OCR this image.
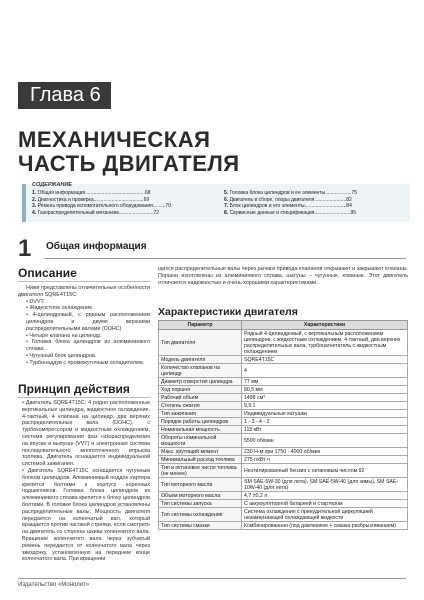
Глава 6
МЕХАНИЧЕСКАЯ
ЧАСТЬ ДВИГАТЕЛЯ
СОДЕРЖАНИЕ
1. Общая информация...........................................68
2. Диагностика и проверка....................................69
3. Ремень привода вспомогательного оборудования.........70
4. Газораспределительный механизм.........................72
5. Головка блока цилиндров и ее элементы...................75
6. Двигатель в сборе, опоры двигателя.......................82
7. Блок цилиндров и его элементы..............................84
8. Сервисные данные и спецификация..........................95
1	Общая информация
Описание

Ниже представлены отличительные особенности двигателя SQRE4T15C:

• DVVT.

• Жидкостное охлаждение.

• 4-цилиндровый, с рядным расположением цилиндров и двумя верхними распределительными валами (DOHC)

• Четыре клапана на цилиндр.

• Головка блока цилиндров из алюминиевого сплава.

• Чугунный блок цилиндров.

• Турбонаддув с промежуточным охладителем.

Принцип действия

• Двигатель SQRE4T15C: 4 рядно расположенные вертикальные цилиндра, жидкостное охлаждение, 4-тактный, 4 клапана на цилиндр, два верхних распределительных вала (DOHC), с турбокомпрессором и жидкостным охлаждением, система регулирования фаз газораспределения на впуске и выпуске (VVT) и электронная система последовательного многоточечного впрыска топлива. Двигатель оснащается индивидуальной системой зажигания.

• Двигатель SQRE4T15C оснащается чугунным блоком цилиндров. Алюминиевый поддон картера крепится болтами к корпусу коренных подшипников. Головка блока цилиндров из алюминиевого сплава крепится к блоку цилиндров болтами. В головке блока цилиндров установлены распределительные валы. Мощность двигателя передается на коленчатый вал, который вращается против часовой стрелки, если смотреть на двигатель со стороны шкива коленчатого вала. Вращение коленчатого вала через зубчатый ремень передается от коленчатого вала через звездочку, установленную на переднем конце коленчатого вала. При вращении

щихся распределительные валы через рычаги привода клапанов открывают и закрывают клапаны. Поршни изготовлены из алюминиевого сплава, шатуны – чугунные, кованые. Этот двигатель отличается надежностью и очень хорошими характеристиками.
Характеристики двигателя
Параметр	Характеристики
Тип двигателя	Рядный 4-цилиндровый, с вертикальным расположением цилиндров, с жидкостным охлаждением, 4-тактный, два верхних распределительных вала, турбонагнетатель с жидкостным охлаждением
Модель двигателя	SQRE4T15C
Количество клапанов на цилиндр	4
Диаметр отверстия цилиндра	77 мм
Ход поршня	80,5 мм
Рабочий объем	1498 см³
Степень сжатия	9,5:1
Тип зажигания	Индивидуальные катушки
Порядок работы цилиндров	1 - 3 - 4 - 2
Номинальная мощность	115 кВт
Обороты номинальной мощности	5500 об/мин
Макс. крутящий момент	230 Н·м при 1750 - 4000 об/мин
Минимальный расход топлива	275 г/кВт·ч
Тип и октановое число топлива (не менее)	Неэтилированный бензин с октановым числом 92
Тип моторного масла	SM SAE-5W-30 (для лета), SM SAE-5W-40 (для зимы), SM SAE-10W-40 (для лета)
Объем моторного масла	4,7 ±0,2 л
Тип системы запуска	С аккумуляторной батареей и стартером
Тип системы охлаждения	Система охлаждения с принудительной циркуляцией незамерзающей охлаждающей жидкости
Тип системы смазки	Комбинированная (под давлением + смазка разбрызгиванием)
Издательство «Монолит»
